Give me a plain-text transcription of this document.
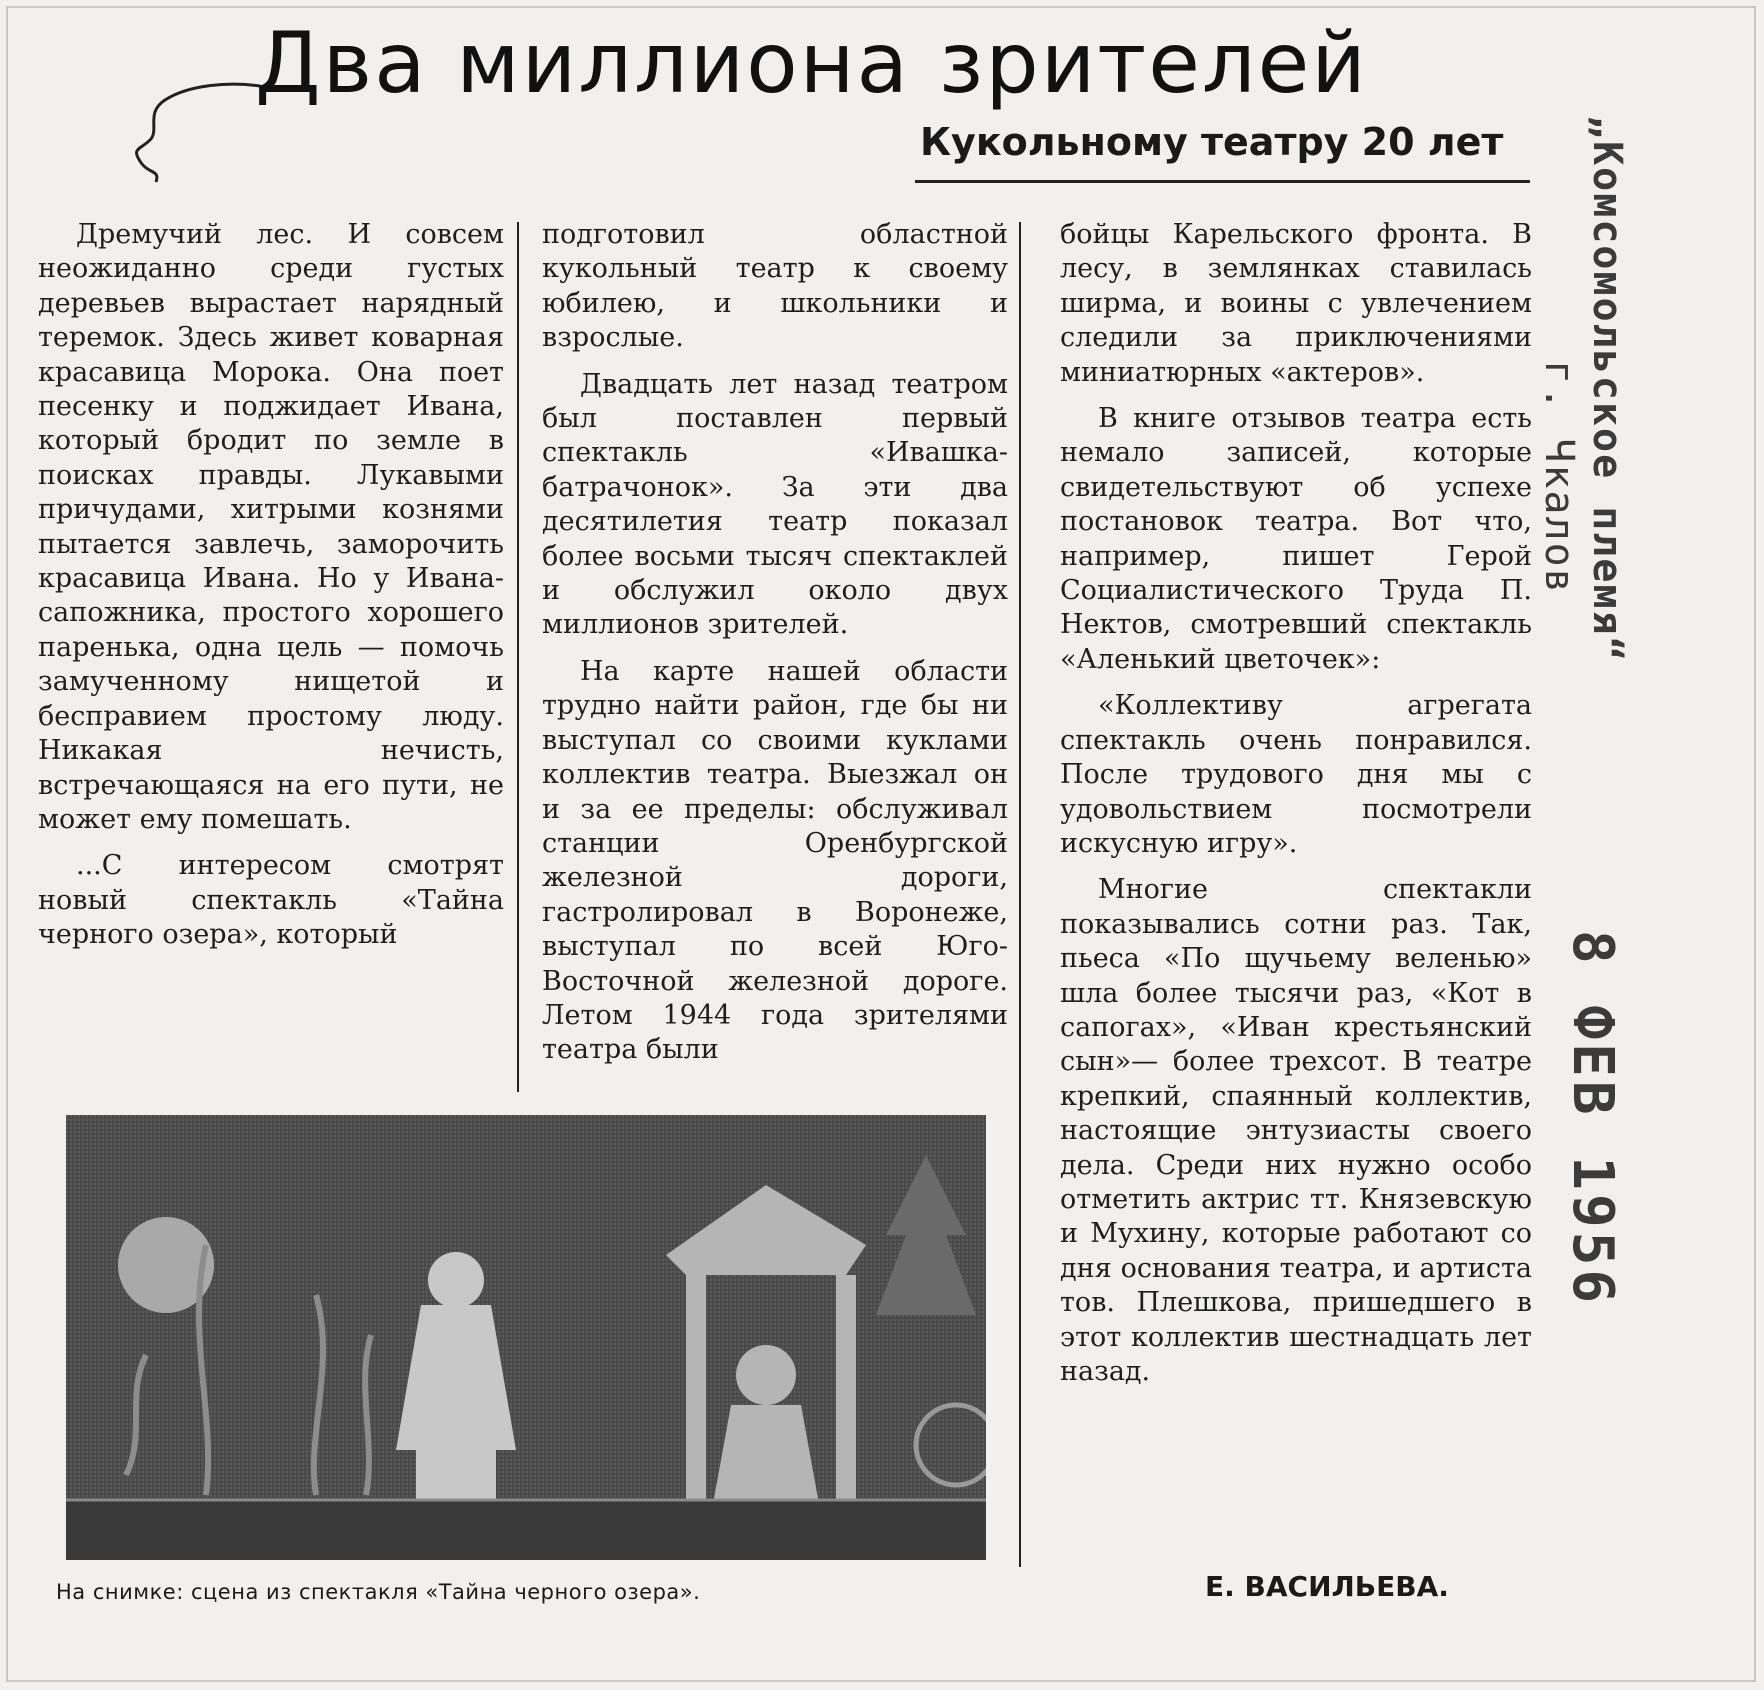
Два миллиона зрителей
Кукольному театру 20 лет

Дремучий лес. И совсем неожиданно среди густых деревьев вырастает нарядный теремок. Здесь живет коварная красавица Морока. Она поет песенку и поджидает Ивана, который бродит по земле в поисках правды. Лукавыми причудами, хитрыми кознями пытается завлечь, заморочить красавица Ивана. Но у Ивана-сапожника, простого хорошего паренька, одна цель — помочь замученному нищетой и бесправием простому люду. Никакая нечисть, встречающаяся на его пути, не может ему помешать.

...С интересом смотрят новый спектакль «Тайна черного озера», который

подготовил областной кукольный театр к своему юбилею, и школьники и взрослые.

Двадцать лет назад театром был поставлен первый спектакль «Ивашка-батрачонок». За эти два десятилетия театр показал более восьми тысяч спектаклей и обслужил около двух миллионов зрителей.

На карте нашей области трудно найти район, где бы ни выступал со своими куклами коллектив театра. Выезжал он и за ее пределы: обслуживал станции Оренбургской железной дороги, гастролировал в Воронеже, выступал по всей Юго-Восточной железной дороге. Летом 1944 года зрителями театра были

бойцы Карельского фронта. В лесу, в землянках ставилась ширма, и воины с увлечением следили за приключениями миниатюрных «актеров».

В книге отзывов театра есть немало записей, которые свидетельствуют об успехе постановок театра. Вот что, например, пишет Герой Социалистического Труда П. Нектов, смотревший спектакль «Аленький цветочек»:

«Коллективу агрегата спектакль очень понравился. После трудового дня мы с удовольствием посмотрели искусную игру».

Многие спектакли показывались сотни раз. Так, пьеса «По щучьему веленью» шла более тысячи раз, «Кот в сапогах», «Иван крестьянский сын»— более трехсот. В театре крепкий, спаянный коллектив, настоящие энтузиасты своего дела. Среди них нужно особо отметить актрис тт. Князевскую и Мухину, которые работают со дня основания театра, и артиста тов. Плешкова, пришедшего в этот коллектив шестнадцать лет назад.

На снимке: сцена из спектакля «Тайна черного озера».	Е. ВАСИЛЬЕВА.
„Комсомольское племя“
г. Чкалов
8 ФЕВ 1956
